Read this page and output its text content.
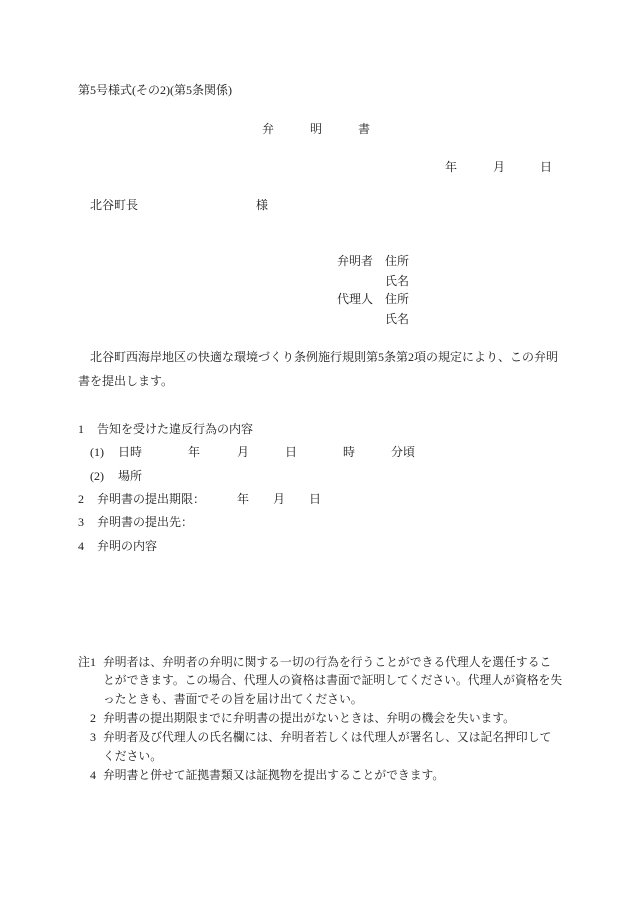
第5号様式(その2)(第5条関係)
弁明書
年	月	日
北谷町長	様
弁明者 住所
氏名
代理人 住所
氏名
北谷町西海岸地区の快適な環境づくり条例施行規則第5条第2項の規定により、この弁明
書を提出します。
1 告知を受けた違反行為の内容
(1) 日時	年	月	日	時	分頃
(2) 場所
2 弁明書の提出期限：	年 月 日
3 弁明書の提出先：
4 弁明の内容
注1 弁明者は、弁明者の弁明に関する一切の行為を行うことができる代理人を選任するこ
とができます。この場合、代理人の資格は書面で証明してください。代理人が資格を失
ったときも、書面でその旨を届け出てください。
2 弁明書の提出期限までに弁明書の提出がないときは、弁明の機会を失います。
3 弁明者及び代理人の氏名欄には、弁明者若しくは代理人が署名し、又は記名押印して
ください。
4 弁明書と併せて証拠書類又は証拠物を提出することができます。
